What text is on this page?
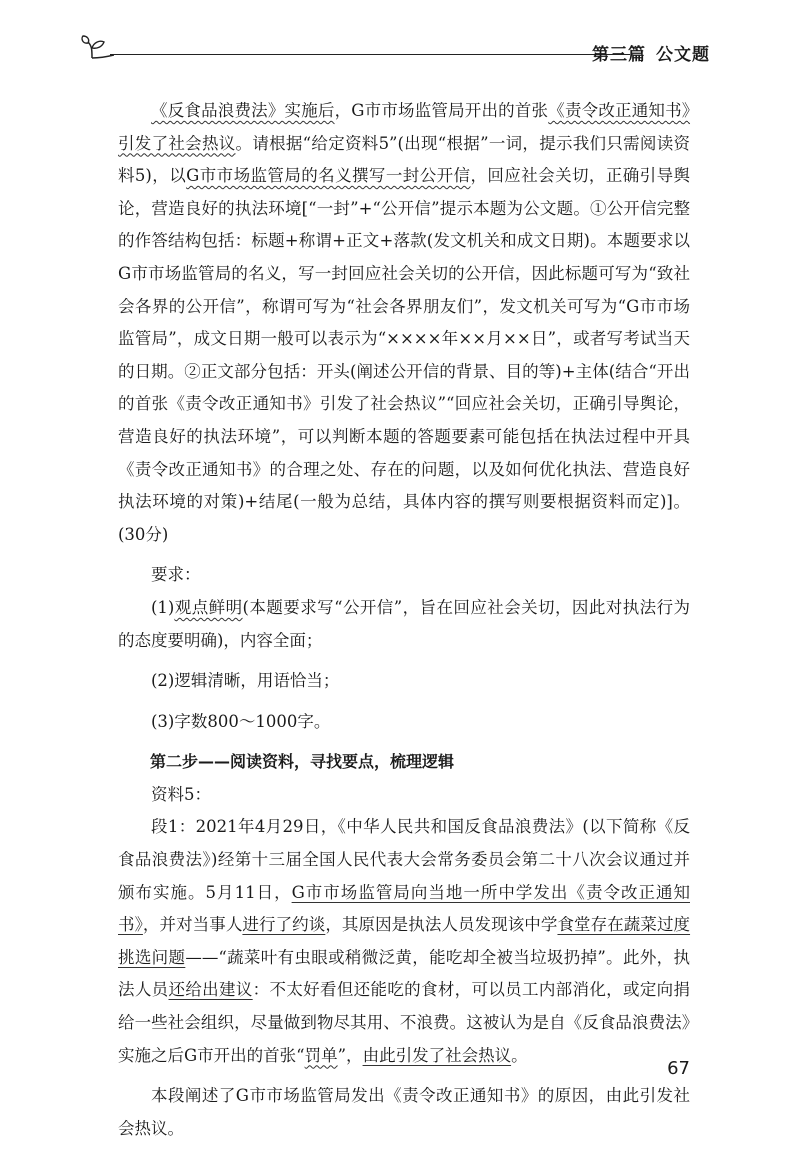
第三篇 公文题

《反食品浪费法》实施后，G市市场监管局开出的首张《责令改正通知书》引发了社会热议。请根据“给定资料5”(出现“根据”一词，提示我们只需阅读资料5)，以G市市场监管局的名义撰写一封公开信，回应社会关切，正确引导舆论，营造良好的执法环境[“一封”+“公开信”提示本题为公文题。①公开信完整的作答结构包括：标题+称谓+正文+落款(发文机关和成文日期)。本题要求以G市市场监管局的名义，写一封回应社会关切的公开信，因此标题可写为“致社会各界的公开信”，称谓可写为“社会各界朋友们”，发文机关可写为“G市市场监管局”，成文日期一般可以表示为“××××年××月××日”，或者写考试当天的日期。②正文部分包括：开头(阐述公开信的背景、目的等)+主体(结合“开出的首张《责令改正通知书》引发了社会热议”“回应社会关切，正确引导舆论，营造良好的执法环境”，可以判断本题的答题要素可能包括在执法过程中开具《责令改正通知书》的合理之处、存在的问题，以及如何优化执法、营造良好执法环境的对策)+结尾(一般为总结，具体内容的撰写则要根据资料而定)]。(30分)

要求：

(1)观点鲜明(本题要求写“公开信”，旨在回应社会关切，因此对执法行为的态度要明确)，内容全面；

(2)逻辑清晰，用语恰当；

(3)字数800～1000字。

第二步——阅读资料，寻找要点，梳理逻辑

资料5：

段1：2021年4月29日，《中华人民共和国反食品浪费法》(以下简称《反食品浪费法》)经第十三届全国人民代表大会常务委员会第二十八次会议通过并颁布实施。5月11日，G市市场监管局向当地一所中学发出《责令改正通知书》，并对当事人进行了约谈，其原因是执法人员发现该中学食堂存在蔬菜过度挑选问题——“蔬菜叶有虫眼或稍微泛黄，能吃却全被当垃圾扔掉”。此外，执法人员还给出建议：不太好看但还能吃的食材，可以员工内部消化，或定向捐给一些社会组织，尽量做到物尽其用、不浪费。这被认为是自《反食品浪费法》实施之后G市开出的首张“罚单”，由此引发了社会热议。

本段阐述了G市市场监管局发出《责令改正通知书》的原因，由此引发社会热议。

67
